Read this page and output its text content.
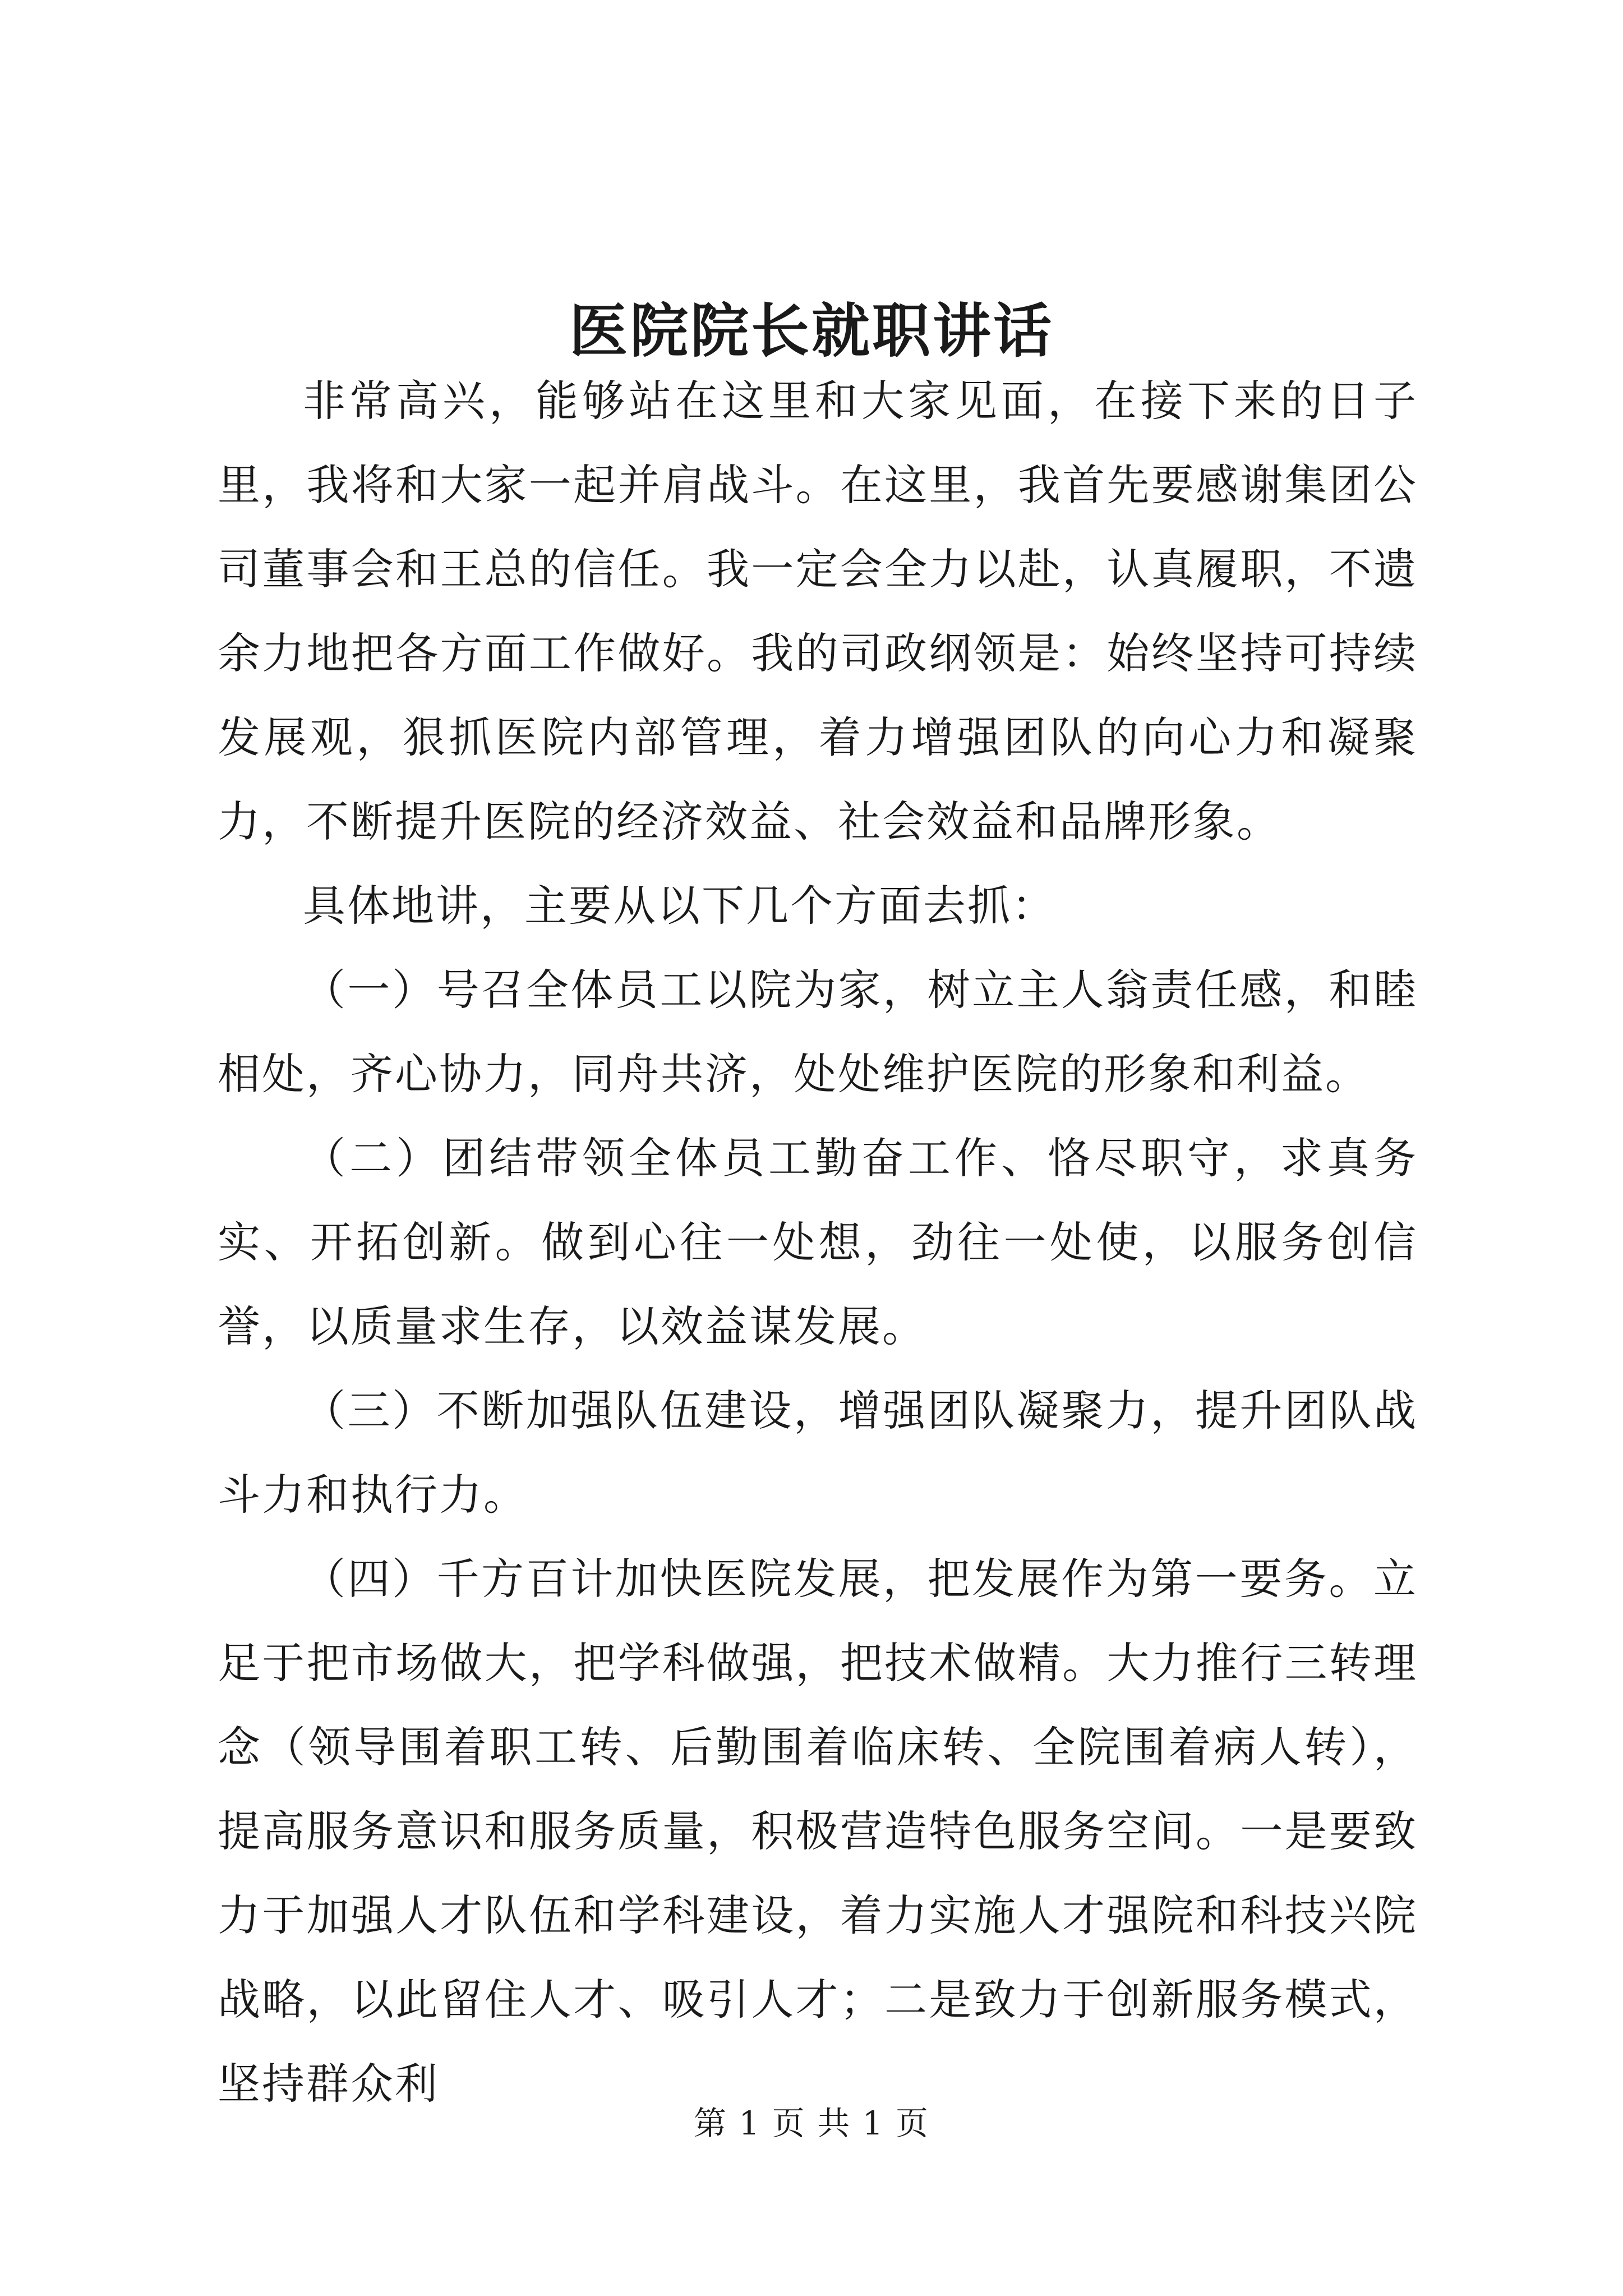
医院院长就职讲话

非常高兴，能够站在这里和大家见面，在接下来的日子里，我将和大家一起并肩战斗。在这里，我首先要感谢集团公司董事会和王总的信任。我一定会全力以赴，认真履职，不遗余力地把各方面工作做好。我的司政纲领是：始终坚持可持续发展观，狠抓医院内部管理，着力增强团队的向心力和凝聚力，不断提升医院的经济效益、社会效益和品牌形象。

具体地讲，主要从以下几个方面去抓：

（一）号召全体员工以院为家，树立主人翁责任感，和睦相处，齐心协力，同舟共济，处处维护医院的形象和利益。

（二）团结带领全体员工勤奋工作、恪尽职守，求真务实、开拓创新。做到心往一处想，劲往一处使，以服务创信誉，以质量求生存，以效益谋发展。

（三）不断加强队伍建设，增强团队凝聚力，提升团队战斗力和执行力。

（四）千方百计加快医院发展，把发展作为第一要务。立足于把市场做大，把学科做强，把技术做精。大力推行三转理念（领导围着职工转、后勤围着临床转、全院围着病人转），提高服务意识和服务质量，积极营造特色服务空间。一是要致力于加强人才队伍和学科建设，着力实施人才强院和科技兴院战略，以此留住人才、吸引人才；二是致力于创新服务模式，坚持群众利

第 1 页 共 1 页
